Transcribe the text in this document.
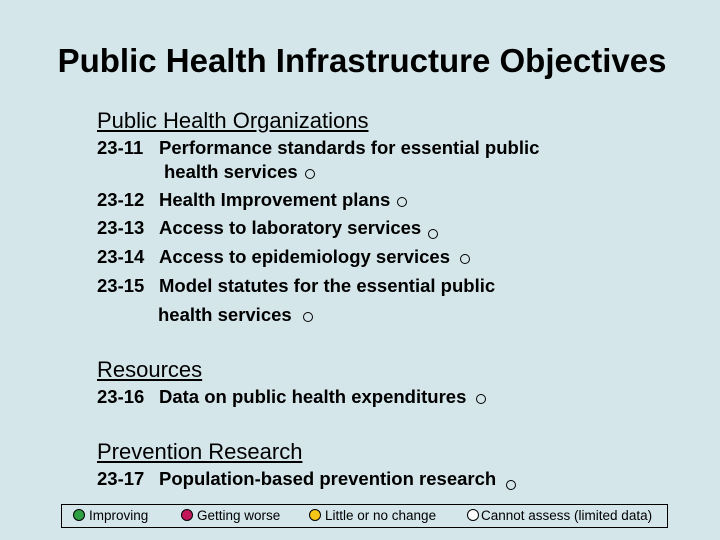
Public Health Infrastructure Objectives
Public Health Organizations
23-11 Performance standards for essential public
health services
23-12 Health Improvement plans
23-13 Access to laboratory services
23-14 Access to epidemiology services
23-15 Model statutes for the essential public
health services
Resources
23-16 Data on public health expenditures
Prevention Research
23-17 Population-based prevention research
Improving	Getting worse	Little or no change	Cannot assess (limited data)
